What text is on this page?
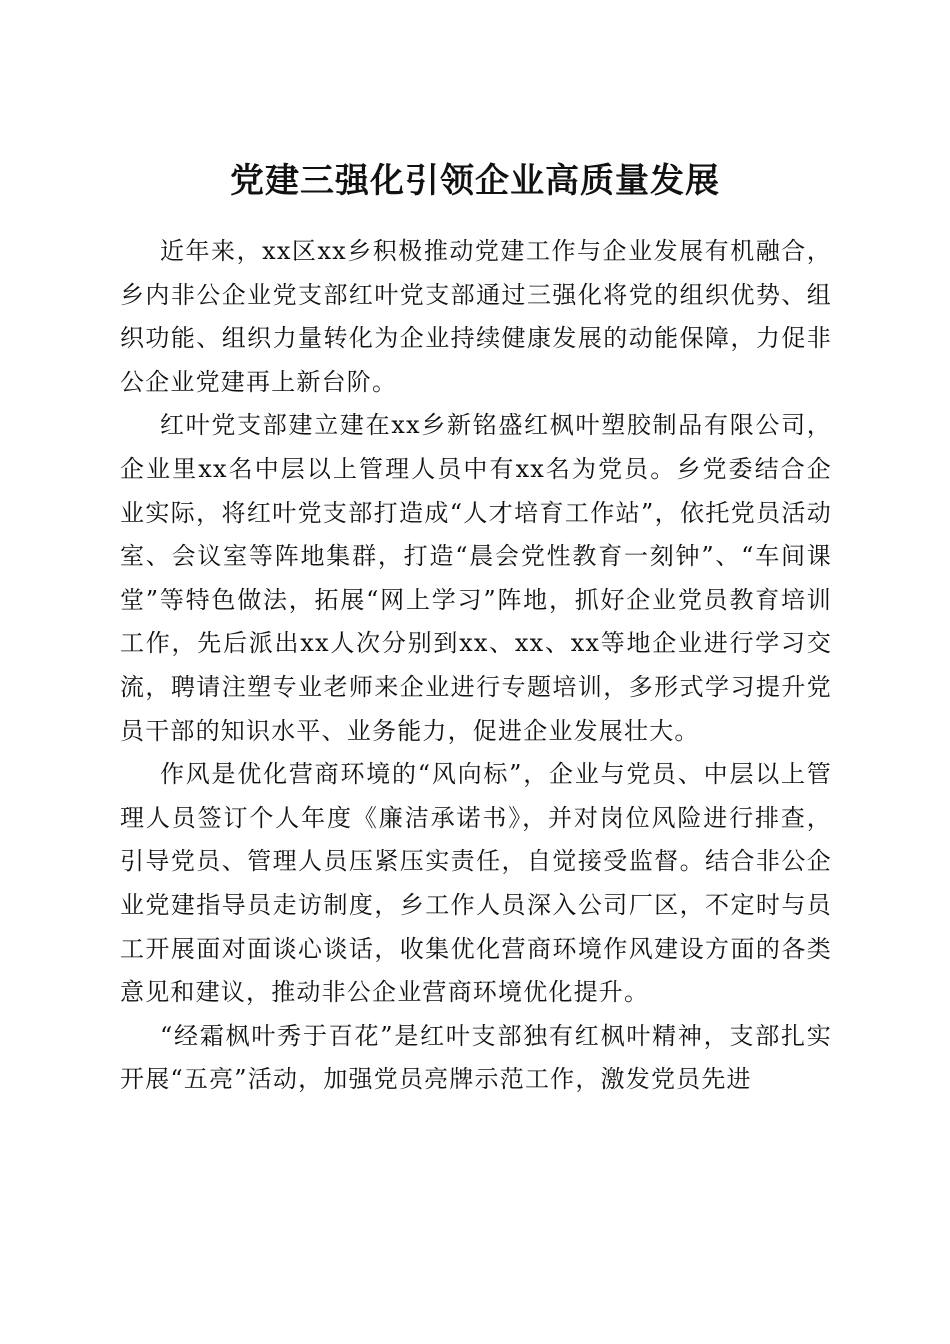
党建三强化引领企业高质量发展

近年来，xx区xx乡积极推动党建工作与企业发展有机融合，乡内非公企业党支部红叶党支部通过三强化将党的组织优势、组织功能、组织力量转化为企业持续健康发展的动能保障，力促非公企业党建再上新台阶。

红叶党支部建立建在xx乡新铭盛红枫叶塑胶制品有限公司，企业里xx名中层以上管理人员中有xx名为党员。乡党委结合企业实际，将红叶党支部打造成“人才培育工作站”，依托党员活动室、会议室等阵地集群，打造“晨会党性教育一刻钟”、“车间课堂”等特色做法，拓展“网上学习”阵地，抓好企业党员教育培训工作，先后派出xx人次分别到xx、xx、xx等地企业进行学习交流，聘请注塑专业老师来企业进行专题培训，多形式学习提升党员干部的知识水平、业务能力，促进企业发展壮大。

作风是优化营商环境的“风向标”，企业与党员、中层以上管理人员签订个人年度《廉洁承诺书》，并对岗位风险进行排查，引导党员、管理人员压紧压实责任，自觉接受监督。结合非公企业党建指导员走访制度，乡工作人员深入公司厂区，不定时与员工开展面对面谈心谈话，收集优化营商环境作风建设方面的各类意见和建议，推动非公企业营商环境优化提升。

“经霜枫叶秀于百花”是红叶支部独有红枫叶精神，支部扎实开展“五亮”活动，加强党员亮牌示范工作，激发党员先进
